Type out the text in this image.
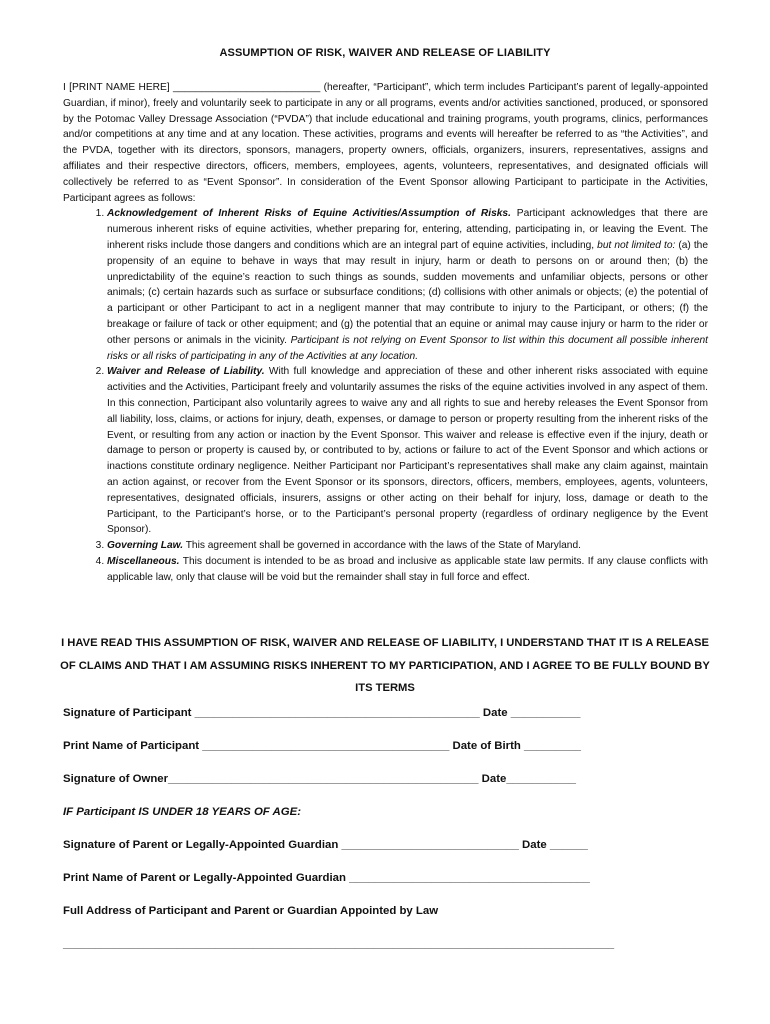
ASSUMPTION OF RISK, WAIVER AND RELEASE OF LIABILITY

I [PRINT NAME HERE] __________________________ (hereafter, “Participant”, which term includes Participant’s parent of legally-appointed Guardian, if minor), freely and voluntarily seek to participate in any or all programs, events and/or activities sanctioned, produced, or sponsored by the Potomac Valley Dressage Association (“PVDA”) that include educational and training programs, youth programs, clinics, performances and/or competitions at any time and at any location. These activities, programs and events will hereafter be referred to as “the Activities”, and the PVDA, together with its directors, sponsors, managers, property owners, officials, organizers, insurers, representatives, assigns and affiliates and their respective directors, officers, members, employees, agents, volunteers, representatives, and designated officials will collectively be referred to as “Event Sponsor”. In consideration of the Event Sponsor allowing Participant to participate in the Activities, Participant agrees as follows:

1. Acknowledgement of Inherent Risks of Equine Activities/Assumption of Risks. Participant acknowledges that there are numerous inherent risks of equine activities, whether preparing for, entering, attending, participating in, or leaving the Event. The inherent risks include those dangers and conditions which are an integral part of equine activities, including, but not limited to: (a) the propensity of an equine to behave in ways that may result in injury, harm or death to persons on or around then; (b) the unpredictability of the equine’s reaction to such things as sounds, sudden movements and unfamiliar objects, persons or other animals; (c) certain hazards such as surface or subsurface conditions; (d) collisions with other animals or objects; (e) the potential of a participant or other Participant to act in a negligent manner that may contribute to injury to the Participant, or others; (f) the breakage or failure of tack or other equipment; and (g) the potential that an equine or animal may cause injury or harm to the rider or other persons or animals in the vicinity. Participant is not relying on Event Sponsor to list within this document all possible inherent risks or all risks of participating in any of the Activities at any location.
2. Waiver and Release of Liability. With full knowledge and appreciation of these and other inherent risks associated with equine activities and the Activities, Participant freely and voluntarily assumes the risks of the equine activities involved in any aspect of them. In this connection, Participant also voluntarily agrees to waive any and all rights to sue and hereby releases the Event Sponsor from all liability, loss, claims, or actions for injury, death, expenses, or damage to person or property resulting from the inherent risks of the Event, or resulting from any action or inaction by the Event Sponsor. This waiver and release is effective even if the injury, death or damage to person or property is caused by, or contributed to by, actions or failure to act of the Event Sponsor and which actions or inactions constitute ordinary negligence. Neither Participant nor Participant’s representatives shall make any claim against, maintain an action against, or recover from the Event Sponsor or its sponsors, directors, officers, members, employees, agents, volunteers, representatives, designated officials, insurers, assigns or other acting on their behalf for injury, loss, damage or death to the Participant, to the Participant’s horse, or to the Participant’s personal property (regardless of ordinary negligence by the Event Sponsor).
3. Governing Law. This agreement shall be governed in accordance with the laws of the State of Maryland.
4. Miscellaneous. This document is intended to be as broad and inclusive as applicable state law permits. If any clause conflicts with applicable law, only that clause will be void but the remainder shall stay in full force and effect.
I HAVE READ THIS ASSUMPTION OF RISK, WAIVER AND RELEASE OF LIABILITY, I UNDERSTAND THAT IT IS A RELEASE OF CLAIMS AND THAT I AM ASSUMING RISKS INHERENT TO MY PARTICIPATION, AND I AGREE TO BE FULLY BOUND BY ITS TERMS
Signature of Participant _____________________________________________ Date ___________
Print Name of Participant _______________________________________ Date of Birth _________
Signature of Owner_________________________________________________ Date___________
IF Participant IS UNDER 18 YEARS OF AGE:
Signature of Parent or Legally-Appointed Guardian ____________________________ Date ______
Print Name of Parent or Legally-Appointed Guardian ______________________________________
Full Address of Participant and Parent or Guardian Appointed by Law
_______________________________________________________________________________________
